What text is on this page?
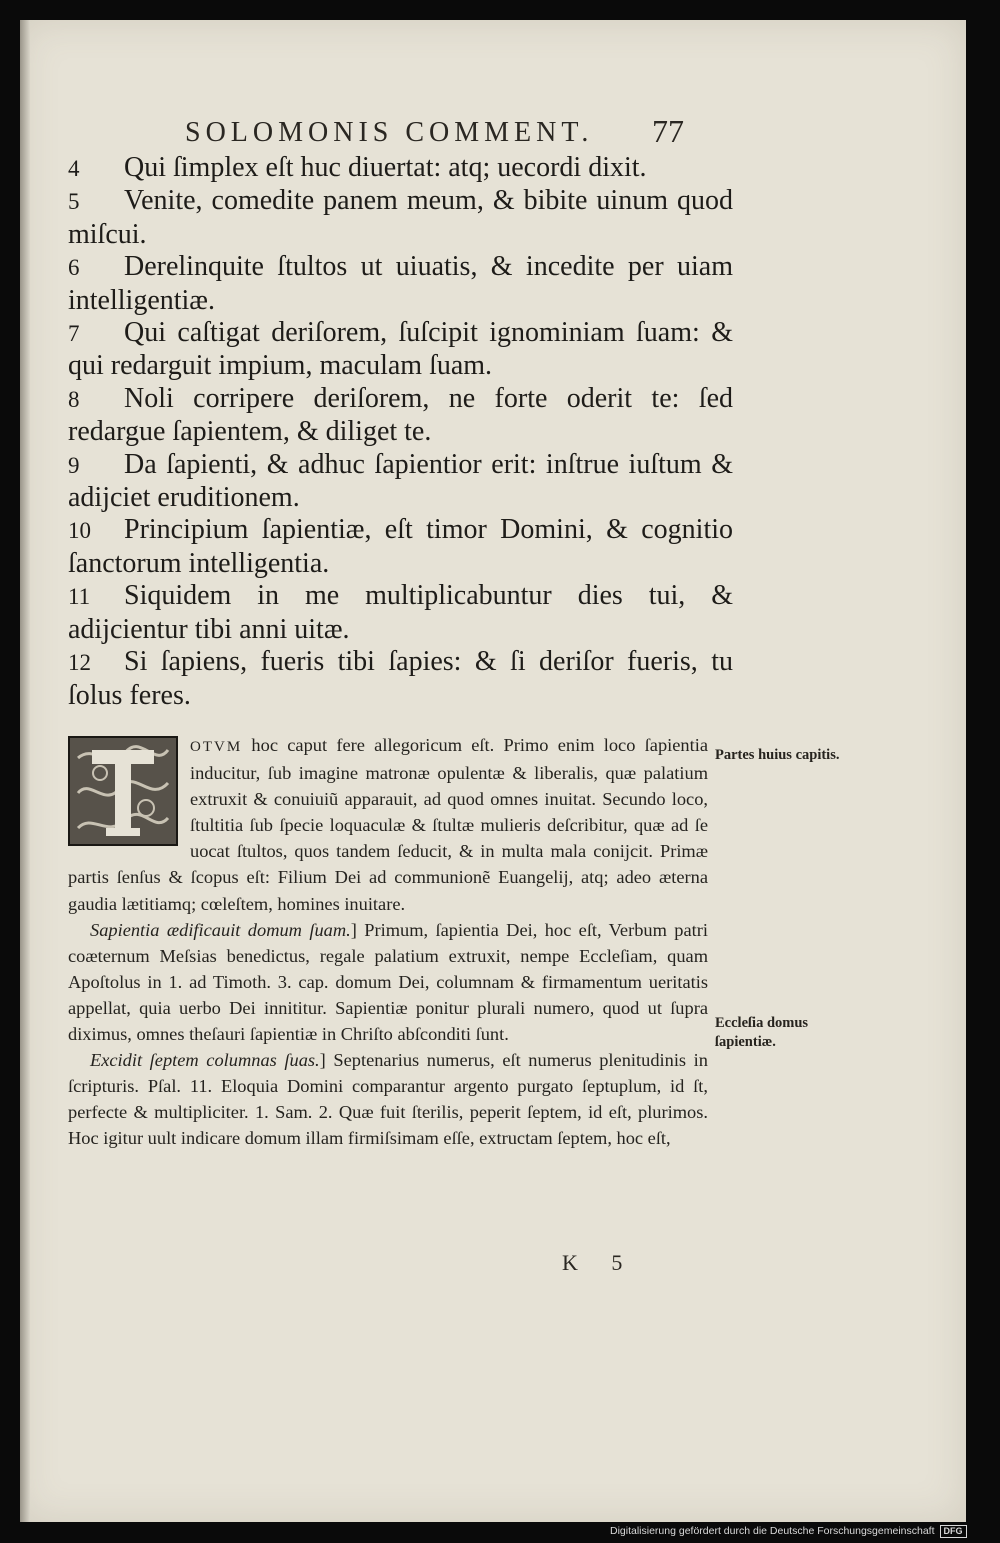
SOLOMONIS COMMENT. 77

4 Qui ſimplex eſt huc diuertat: atq; uecordi dixit.

5 Venite, comedite panem meum, & bibite uinum quod miſcui.

6 Derelinquite ſtultos ut uiuatis, & incedite per uiam intelligentiæ.

7 Qui caſtigat deriſorem, ſuſcipit ignominiam ſuam: & qui redarguit impium, maculam ſuam.

8 Noli corripere deriſorem, ne forte oderit te: ſed redargue ſapientem, & diliget te.

9 Da ſapienti, & adhuc ſapientior erit: inſtrue iuſtum & adijciet eruditionem.

10 Principium ſapientiæ, eſt timor Domini, & cognitio ſanctorum intelligentia.

11 Siquidem in me multiplicabuntur dies tui, & adijcientur tibi anni uitæ.

12 Si ſapiens, fueris tibi ſapies: & ſi deriſor fueris, tu ſolus feres.

OTVM hoc caput fere allegoricum eſt. Primo enim loco ſapientia inducitur, ſub imagine matronæ opulentæ & liberalis, quæ palatium extruxit & conuiuiũ apparauit, ad quod omnes inuitat. Secundo loco, ſtultitia ſub ſpecie loquaculæ & ſtultæ mulieris deſcribitur, quæ ad ſe uocat ſtultos, quos tandem ſeducit, & in multa mala conijcit. Primæ partis ſenſus & ſcopus eſt: Filium Dei ad communionẽ Euangelij, atq; adeo æterna gaudia lætitiamq; cœleſtem, homines inuitare.

Sapientia ædificauit domum ſuam.] Primum, ſapientia Dei, hoc eſt, Verbum patri coæternum Meſsias benedictus, regale palatium extruxit, nempe Eccleſiam, quam Apoſtolus in 1. ad Timoth. 3. cap. domum Dei, columnam & firmamentum ueritatis appellat, quia uerbo Dei innititur. Sapientiæ ponitur plurali numero, quod ut ſupra diximus, omnes theſauri ſapientiæ in Chriſto abſconditi ſunt.

Excidit ſeptem columnas ſuas.] Septenarius numerus, eſt numerus plenitudinis in ſcripturis. Pſal. 11. Eloquia Domini comparantur argento purgato ſeptuplum, id ſt, perfecte & multipliciter. 1. Sam. 2. Quæ fuit ſterilis, peperit ſeptem, id eſt, plurimos. Hoc igitur uult indicare domum illam firmiſsimam eſſe, extructam ſeptem, hoc eſt,

Partes huius capitis.
Eccleſia domus ſapientiæ.
K 5
Digitalisierung gefördert durch die Deutsche Forschungsgemeinschaft DFG
